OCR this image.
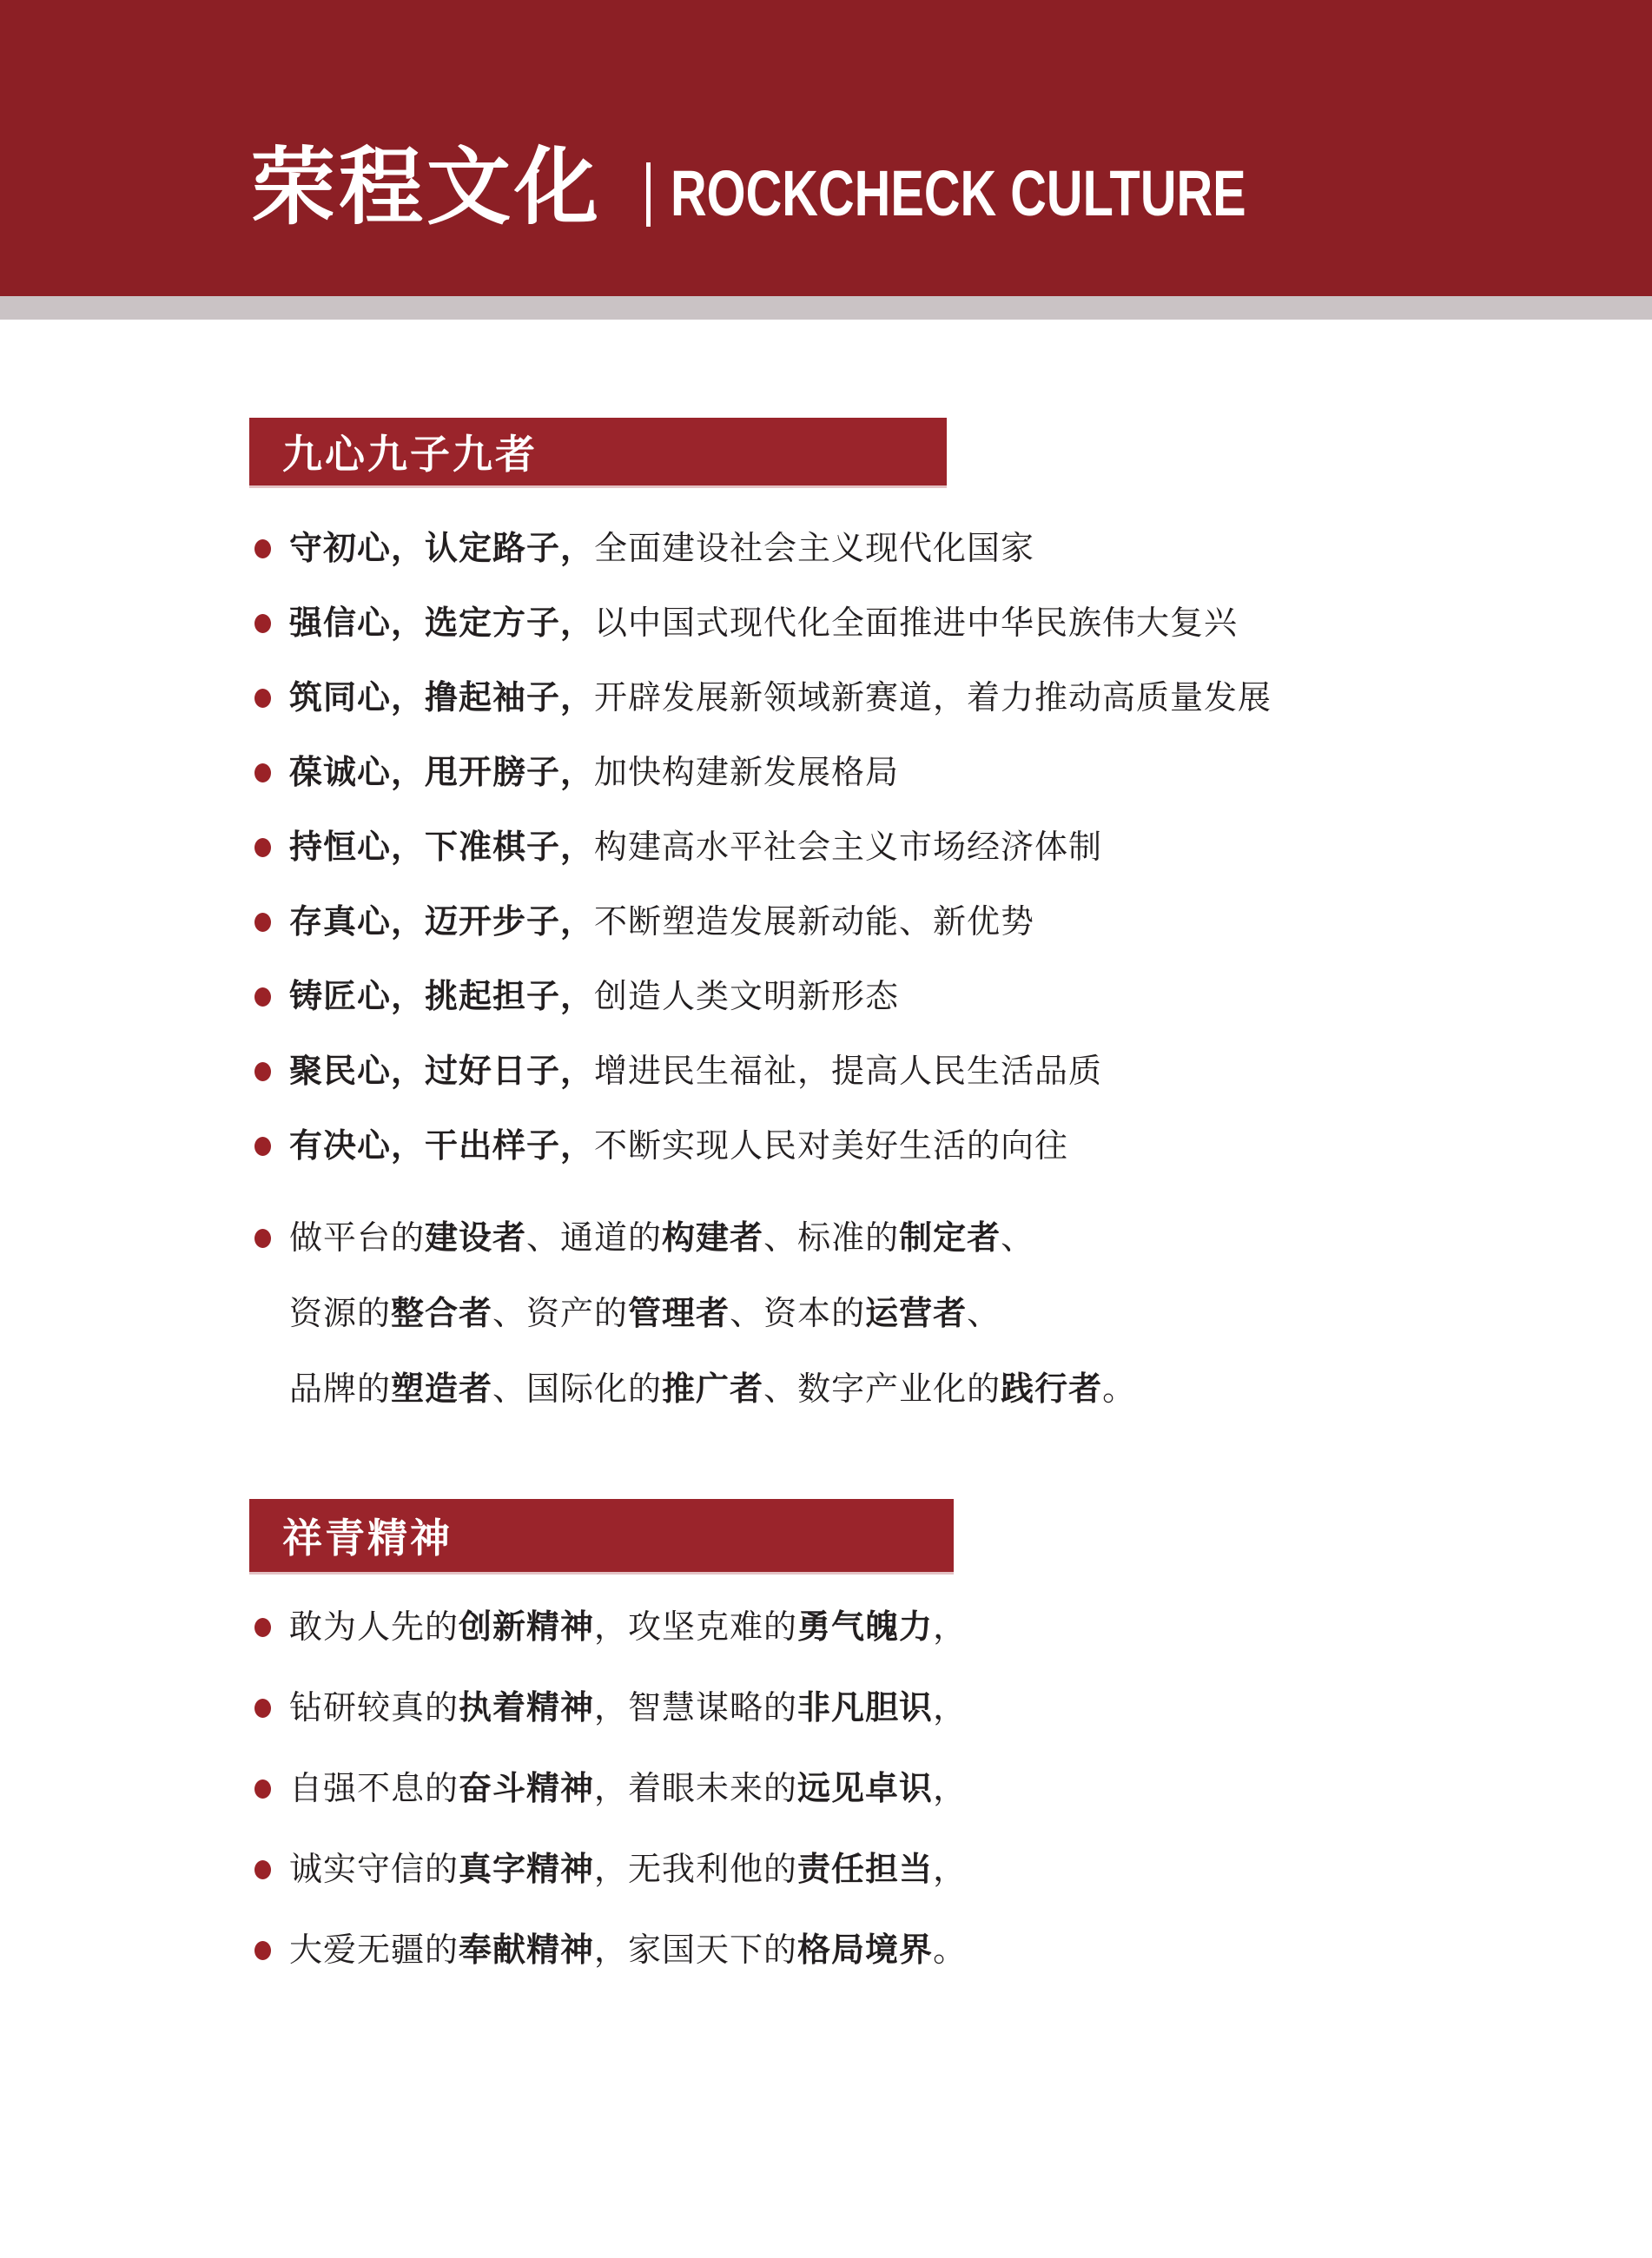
荣程文化 ROCKCHECK CULTURE
九心九子九者
守初心，认定路子，全面建设社会主义现代化国家
强信心，选定方子，以中国式现代化全面推进中华民族伟大复兴
筑同心，撸起袖子，开辟发展新领域新赛道，着力推动高质量发展
葆诚心，甩开膀子，加快构建新发展格局
持恒心，下准棋子，构建高水平社会主义市场经济体制
存真心，迈开步子，不断塑造发展新动能、新优势
铸匠心，挑起担子，创造人类文明新形态
聚民心，过好日子，增进民生福祉，提高人民生活品质
有决心，干出样子，不断实现人民对美好生活的向往
做平台的建设者、通道的构建者、标准的制定者、
资源的整合者、资产的管理者、资本的运营者、
品牌的塑造者、国际化的推广者、数字产业化的践行者。
祥青精神
敢为人先的创新精神，攻坚克难的勇气魄力，
钻研较真的执着精神，智慧谋略的非凡胆识，
自强不息的奋斗精神，着眼未来的远见卓识，
诚实守信的真字精神，无我利他的责任担当，
大爱无疆的奉献精神，家国天下的格局境界。
